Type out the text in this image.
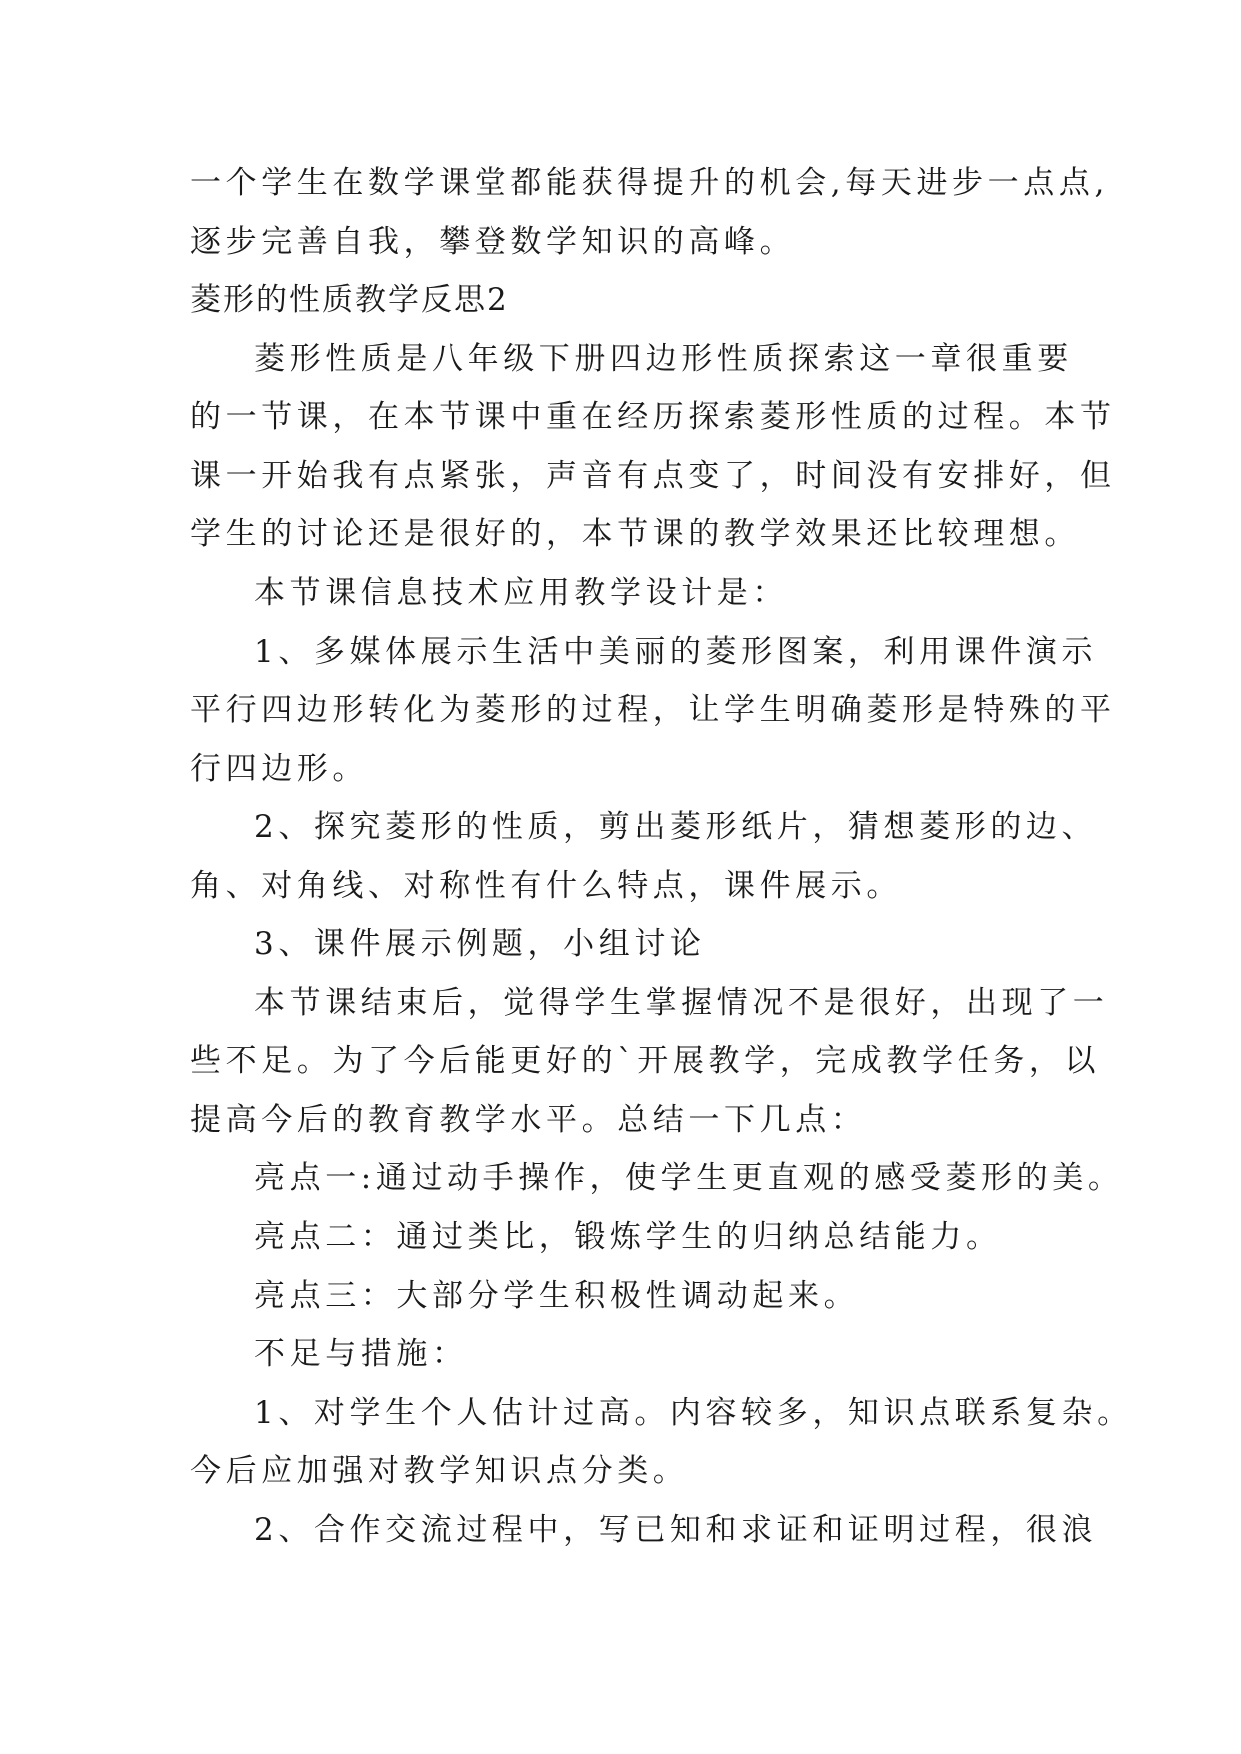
一个学生在数学课堂都能获得提升的机会,每天进步一点点,
逐步完善自我，攀登数学知识的高峰。
菱形的性质教学反思2
菱形性质是八年级下册四边形性质探索这一章很重要
的一节课，在本节课中重在经历探索菱形性质的过程。本节
课一开始我有点紧张，声音有点变了，时间没有安排好，但
学生的讨论还是很好的，本节课的教学效果还比较理想。
本节课信息技术应用教学设计是：
1、多媒体展示生活中美丽的菱形图案，利用课件演示
平行四边形转化为菱形的过程，让学生明确菱形是特殊的平
行四边形。
2、探究菱形的性质，剪出菱形纸片，猜想菱形的边、
角、对角线、对称性有什么特点，课件展示。
3、课件展示例题，小组讨论
本节课结束后，觉得学生掌握情况不是很好，出现了一
些不足。为了今后能更好的`开展教学，完成教学任务，以
提高今后的教育教学水平。总结一下几点：
亮点一:通过动手操作，使学生更直观的感受菱形的美。
亮点二：通过类比，锻炼学生的归纳总结能力。
亮点三：大部分学生积极性调动起来。
不足与措施：
1、对学生个人估计过高。内容较多，知识点联系复杂。
今后应加强对教学知识点分类。
2、合作交流过程中，写已知和求证和证明过程，很浪
